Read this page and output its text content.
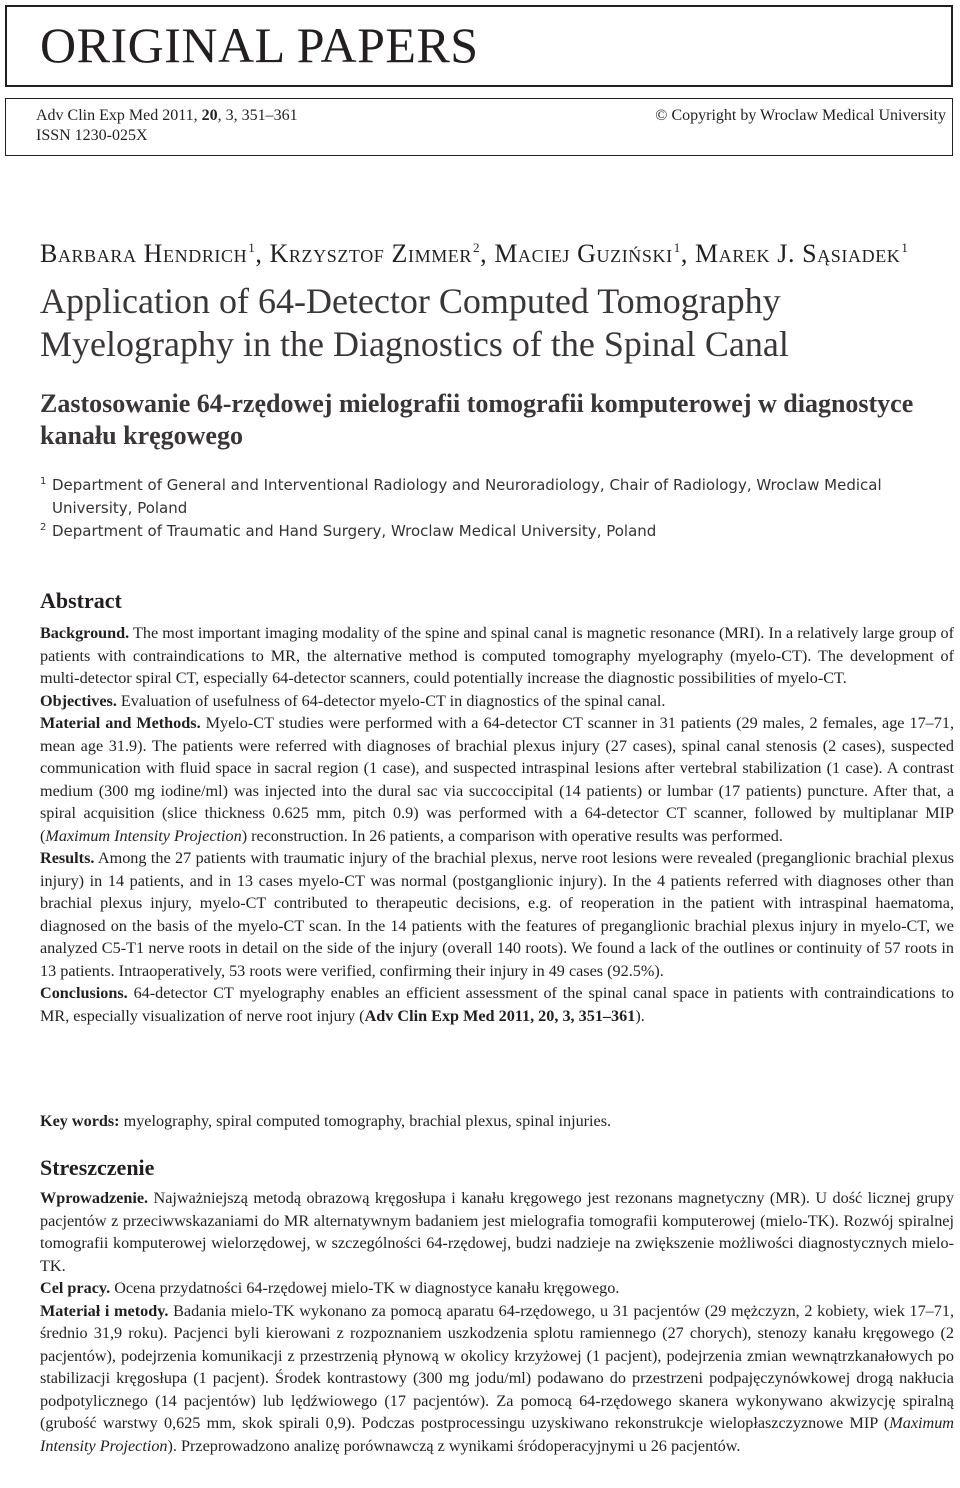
ORIGINAL PAPERS
Adv Clin Exp Med 2011, 20, 3, 351–361
ISSN 1230-025X
© Copyright by Wroclaw Medical University
Barbara Hendrich$^1$, Krzysztof Zimmer$^2$, Maciej Guziński$^1$, Marek J. Sąsiadek$^1$
Application of 64-Detector Computed Tomography Myelography in the Diagnostics of the Spinal Canal
Zastosowanie 64-rzędowej mielografii tomografii komputerowej w diagnostyce kanału kręgowego
1 Department of General and Interventional Radiology and Neuroradiology, Chair of Radiology, Wroclaw Medical University, Poland
2 Department of Traumatic and Hand Surgery, Wroclaw Medical University, Poland
Abstract

Background. The most important imaging modality of the spine and spinal canal is magnetic resonance (MRI). In a relatively large group of patients with contraindications to MR, the alternative method is computed tomography myelography (myelo-CT). The development of multi-detector spiral CT, especially 64-detector scanners, could potentially increase the diagnostic possibilities of myelo-CT.

Objectives. Evaluation of usefulness of 64-detector myelo-CT in diagnostics of the spinal canal.

Material and Methods. Myelo-CT studies were performed with a 64-detector CT scanner in 31 patients (29 males, 2 females, age 17–71, mean age 31.9). The patients were referred with diagnoses of brachial plexus injury (27 cases), spinal canal stenosis (2 cases), suspected communication with fluid space in sacral region (1 case), and suspected intraspinal lesions after vertebral stabilization (1 case). A contrast medium (300 mg iodine/ml) was injected into the dural sac via succoccipital (14 patients) or lumbar (17 patients) puncture. After that, a spiral acquisition (slice thickness 0.625 mm, pitch 0.9) was performed with a 64-detector CT scanner, followed by multiplanar MIP (Maximum Intensity Projection) reconstruction. In 26 patients, a comparison with operative results was performed.

Results. Among the 27 patients with traumatic injury of the brachial plexus, nerve root lesions were revealed (preganglionic brachial plexus injury) in 14 patients, and in 13 cases myelo-CT was normal (postganglionic injury). In the 4 patients referred with diagnoses other than brachial plexus injury, myelo-CT contributed to therapeutic decisions, e.g. of reoperation in the patient with intraspinal haematoma, diagnosed on the basis of the myelo-CT scan. In the 14 patients with the features of preganglionic brachial plexus injury in myelo-CT, we analyzed C5-T1 nerve roots in detail on the side of the injury (overall 140 roots). We found a lack of the outlines or continuity of 57 roots in 13 patients. Intraoperatively, 53 roots were verified, confirming their injury in 49 cases (92.5%).

Conclusions. 64-detector CT myelography enables an efficient assessment of the spinal canal space in patients with contraindications to MR, especially visualization of nerve root injury (Adv Clin Exp Med 2011, 20, 3, 351–361).

Key words: myelography, spiral computed tomography, brachial plexus, spinal injuries.
Streszczenie

Wprowadzenie. Najważniejszą metodą obrazową kręgosłupa i kanału kręgowego jest rezonans magnetyczny (MR). U dość licznej grupy pacjentów z przeciwwskazaniami do MR alternatywnym badaniem jest mielografia tomografii komputerowej (mielo-TK). Rozwój spiralnej tomografii komputerowej wielorzędowej, w szczególności 64-rzędowej, budzi nadzieje na zwiększenie możliwości diagnostycznych mielo-TK.

Cel pracy. Ocena przydatności 64-rzędowej mielo-TK w diagnostyce kanału kręgowego.

Materiał i metody. Badania mielo-TK wykonano za pomocą aparatu 64-rzędowego, u 31 pacjentów (29 mężczyzn, 2 kobiety, wiek 17–71, średnio 31,9 roku). Pacjenci byli kierowani z rozpoznaniem uszkodzenia splotu ramiennego (27 chorych), stenozy kanału kręgowego (2 pacjentów), podejrzenia komunikacji z przestrzenią płynową w okolicy krzyżowej (1 pacjent), podejrzenia zmian wewnątrzkanałowych po stabilizacji kręgosłupa (1 pacjent). Środek kontrastowy (300 mg jodu/ml) podawano do przestrzeni podpajęczynówkowej drogą nakłucia podpotylicznego (14 pacjentów) lub lędźwiowego (17 pacjentów). Za pomocą 64-rzędowego skanera wykonywano akwizycję spiralną (grubość warstwy 0,625 mm, skok spirali 0,9). Podczas postprocessingu uzyskiwano rekonstrukcje wielopłaszczyznowe MIP (Maximum Intensity Projection). Przeprowadzono analizę porównawczą z wynikami śródoperacyjnymi u 26 pacjentów.
